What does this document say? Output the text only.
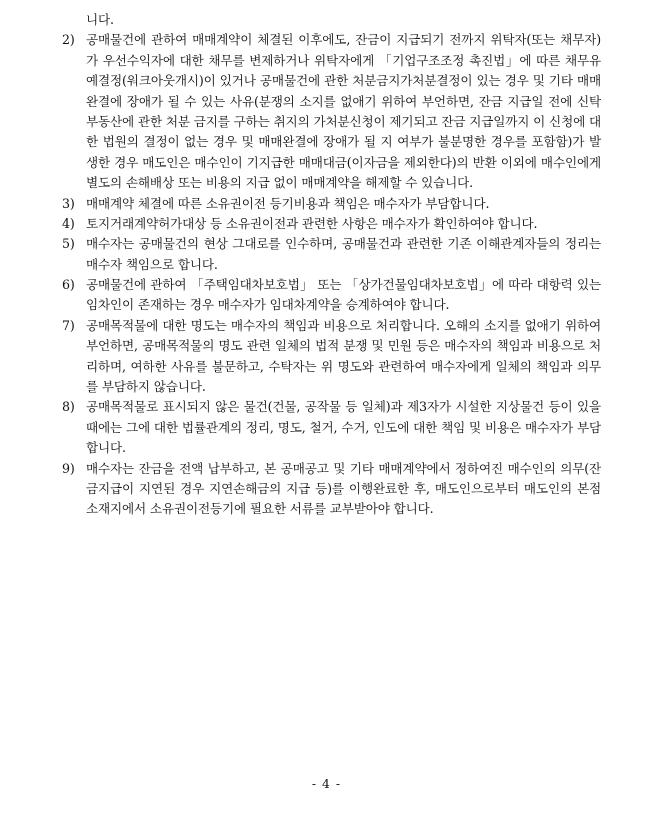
니다.

2) 공매물건에 관하여 매매계약이 체결된 이후에도, 잔금이 지급되기 전까지 위탁자(또는 채무자)가 우선수익자에 대한 채무를 변제하거나 위탁자에게 「기업구조조정 촉진법」에 따른 채무유예결정(워크아웃개시)이 있거나 공매물건에 관한 처분금지가처분결정이 있는 경우 및 기타 매매완결에 장애가 될 수 있는 사유(분쟁의 소지를 없애기 위하여 부언하면, 잔금 지급일 전에 신탁부동산에 관한 처분 금지를 구하는 취지의 가처분신청이 제기되고 잔금 지급일까지 이 신청에 대한 법원의 결정이 없는 경우 및 매매완결에 장애가 될 지 여부가 불분명한 경우를 포함함)가 발생한 경우 매도인은 매수인이 기지급한 매매대금(이자금을 제외한다)의 반환 이외에 매수인에게 별도의 손해배상 또는 비용의 지급 없이 매매계약을 해제할 수 있습니다.
3) 매매계약 체결에 따른 소유권이전 등기비용과 책임은 매수자가 부담합니다.
4) 토지거래계약허가대상 등 소유권이전과 관련한 사항은 매수자가 확인하여야 합니다.
5) 매수자는 공매물건의 현상 그대로를 인수하며, 공매물건과 관련한 기존 이해관계자들의 정리는 매수자 책임으로 합니다.
6) 공매물건에 관하여 「주택임대차보호법」 또는 「상가건물임대차보호법」에 따라 대항력 있는 임차인이 존재하는 경우 매수자가 임대차계약을 승계하여야 합니다.
7) 공매목적물에 대한 명도는 매수자의 책임과 비용으로 처리합니다. 오해의 소지를 없애기 위하여 부언하면, 공매목적물의 명도 관련 일체의 법적 분쟁 및 민원 등은 매수자의 책임과 비용으로 처리하며, 여하한 사유를 불문하고, 수탁자는 위 명도와 관련하여 매수자에게 일체의 책임과 의무를 부담하지 않습니다.
8) 공매목적물로 표시되지 않은 물건(건물, 공작물 등 일체)과 제3자가 시설한 지상물건 등이 있을 때에는 그에 대한 법률관계의 정리, 명도, 철거, 수거, 인도에 대한 책임 및 비용은 매수자가 부담합니다.
9) 매수자는 잔금을 전액 납부하고, 본 공매공고 및 기타 매매계약에서 정하여진 매수인의 의무(잔금지급이 지연된 경우 지연손해금의 지급 등)를 이행완료한 후, 매도인으로부터 매도인의 본점 소재지에서 소유권이전등기에 필요한 서류를 교부받아야 합니다.
- 4 -
